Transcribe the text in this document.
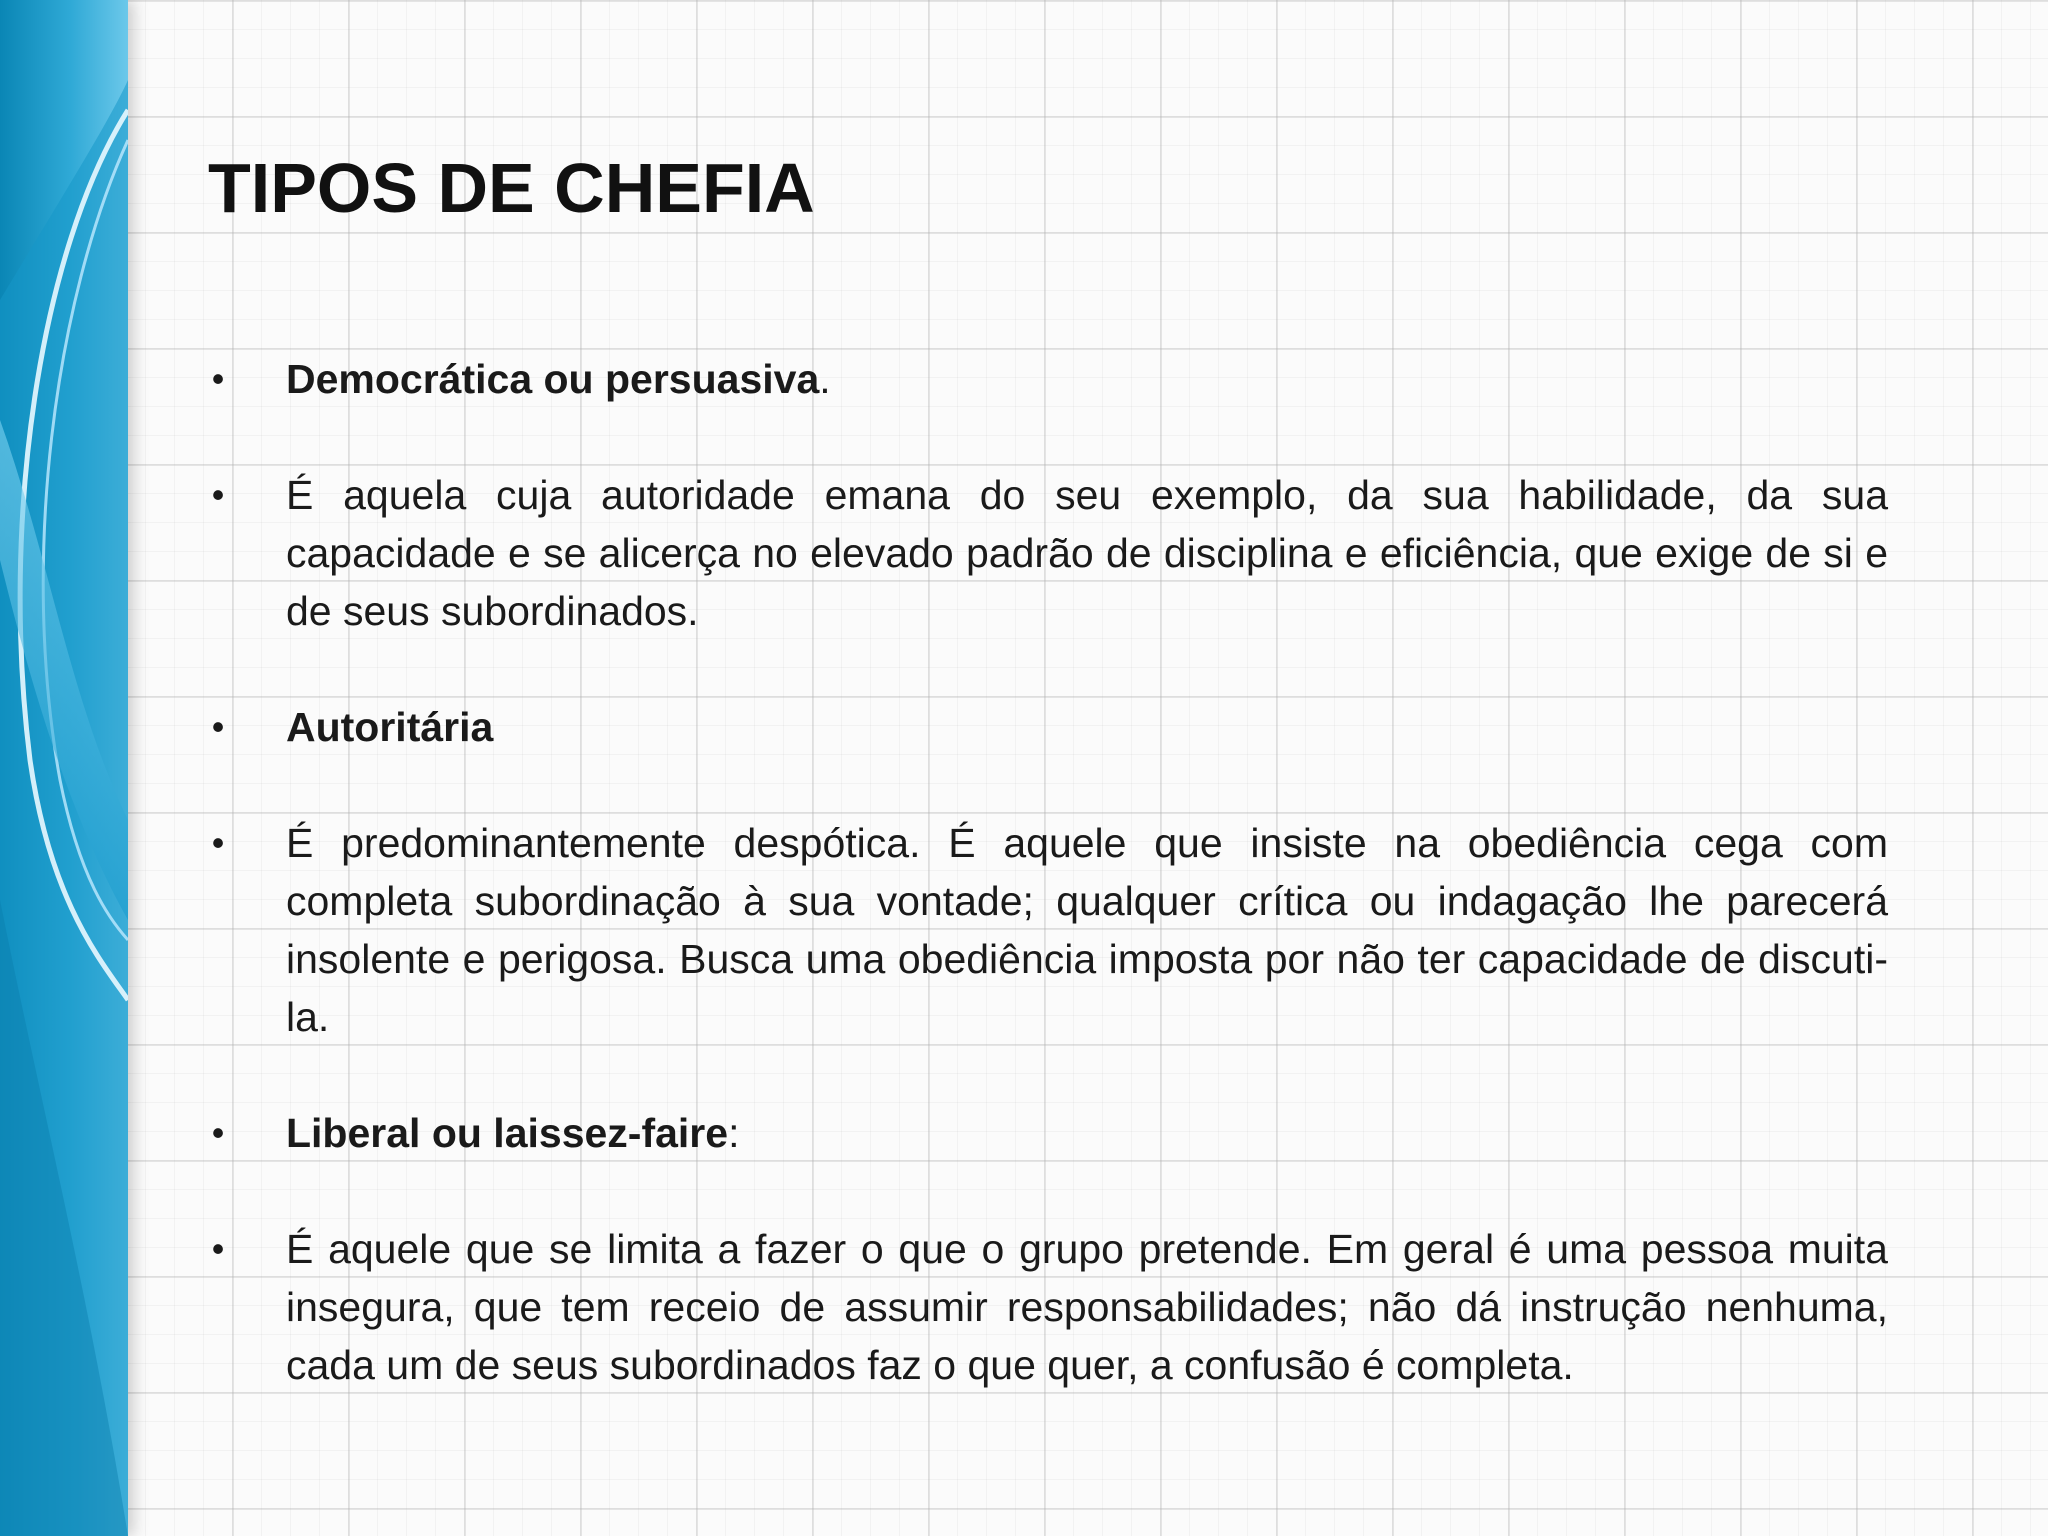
TIPOS DE CHEFIA
• Democrática ou persuasiva.
• É aquela cuja autoridade emana do seu exemplo, da sua habilidade, da sua capacidade e se alicerça no elevado padrão de disciplina e eficiência, que exige de si e de seus subordinados.
• Autoritária
• É predominantemente despótica. É aquele que insiste na obediência cega com completa subordinação à sua vontade; qualquer crítica ou indagação lhe parecerá insolente e perigosa. Busca uma obediência imposta por não ter capacidade de discuti-la.
• Liberal ou laissez-faire:
• É aquele que se limita a fazer o que o grupo pretende. Em geral é uma pessoa muita insegura, que tem receio de assumir responsabilidades; não dá instrução nenhuma, cada um de seus subordinados faz o que quer, a confusão é completa.
